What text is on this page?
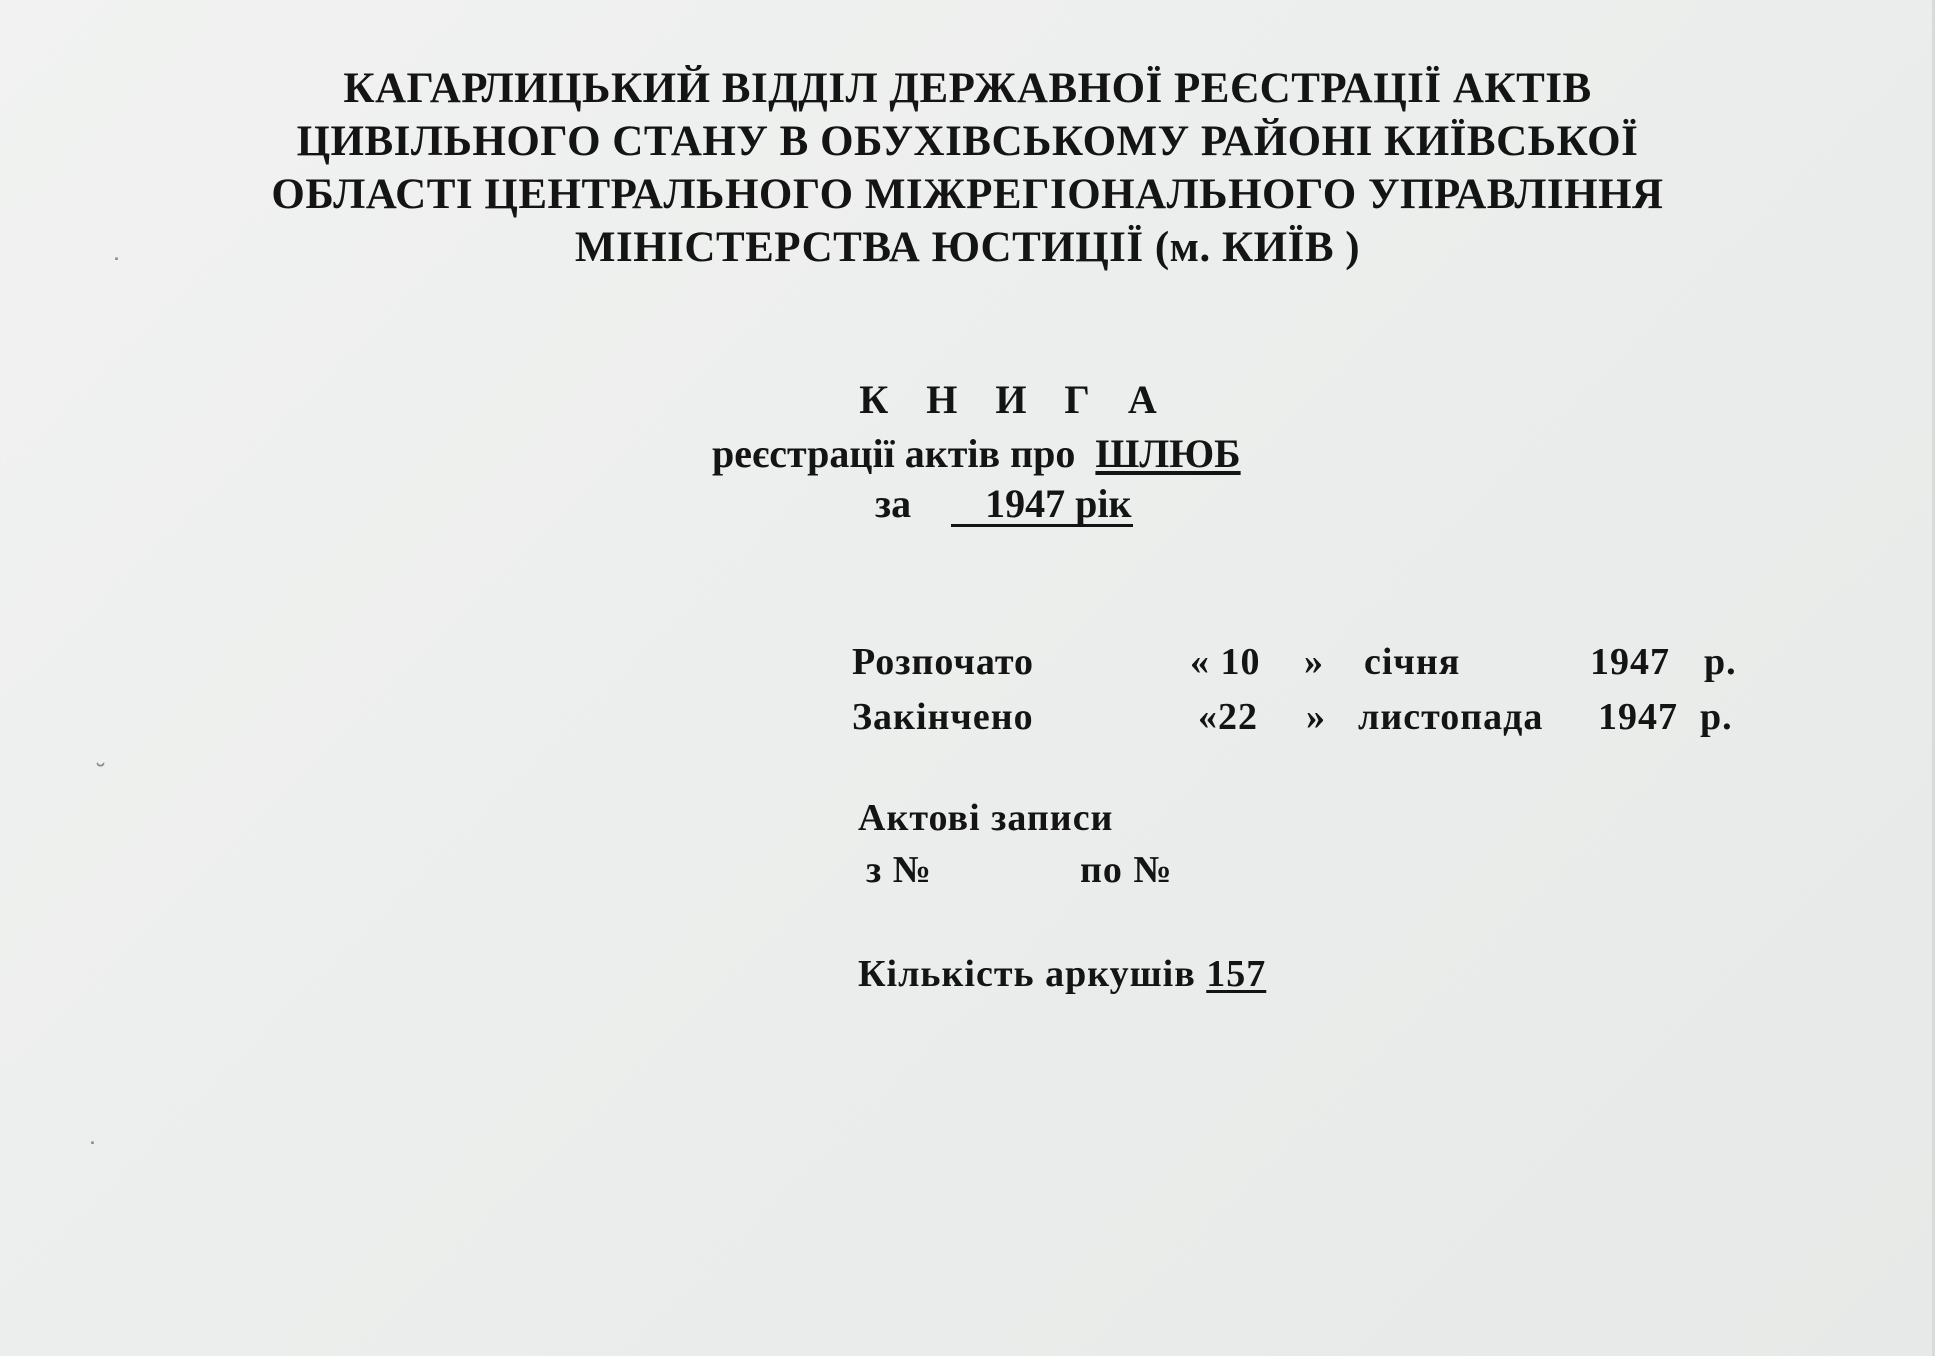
КАГАРЛИЦЬКИЙ ВІДДІЛ ДЕРЖАВНОЇ РЕЄСТРАЦІЇ АКТІВ
ЦИВІЛЬНОГО СТАНУ В ОБУХІВСЬКОМУ РАЙОНІ КИЇВСЬКОЇ
ОБЛАСТІ ЦЕНТРАЛЬНОГО МІЖРЕГІОНАЛЬНОГО УПРАВЛІННЯ
МІНІСТЕРСТВА ЮСТИЦІЇ (м. КИЇВ )
К Н И Г А
реєстрації актів про ШЛЮБ
за 1947 рік
Розпочато	« 10 » січня	1947 р.
Закінчено	«22 » листопада 1947 р.
Актові записи
з №	по №
Кількість аркушів 157
˙
˘
˙
